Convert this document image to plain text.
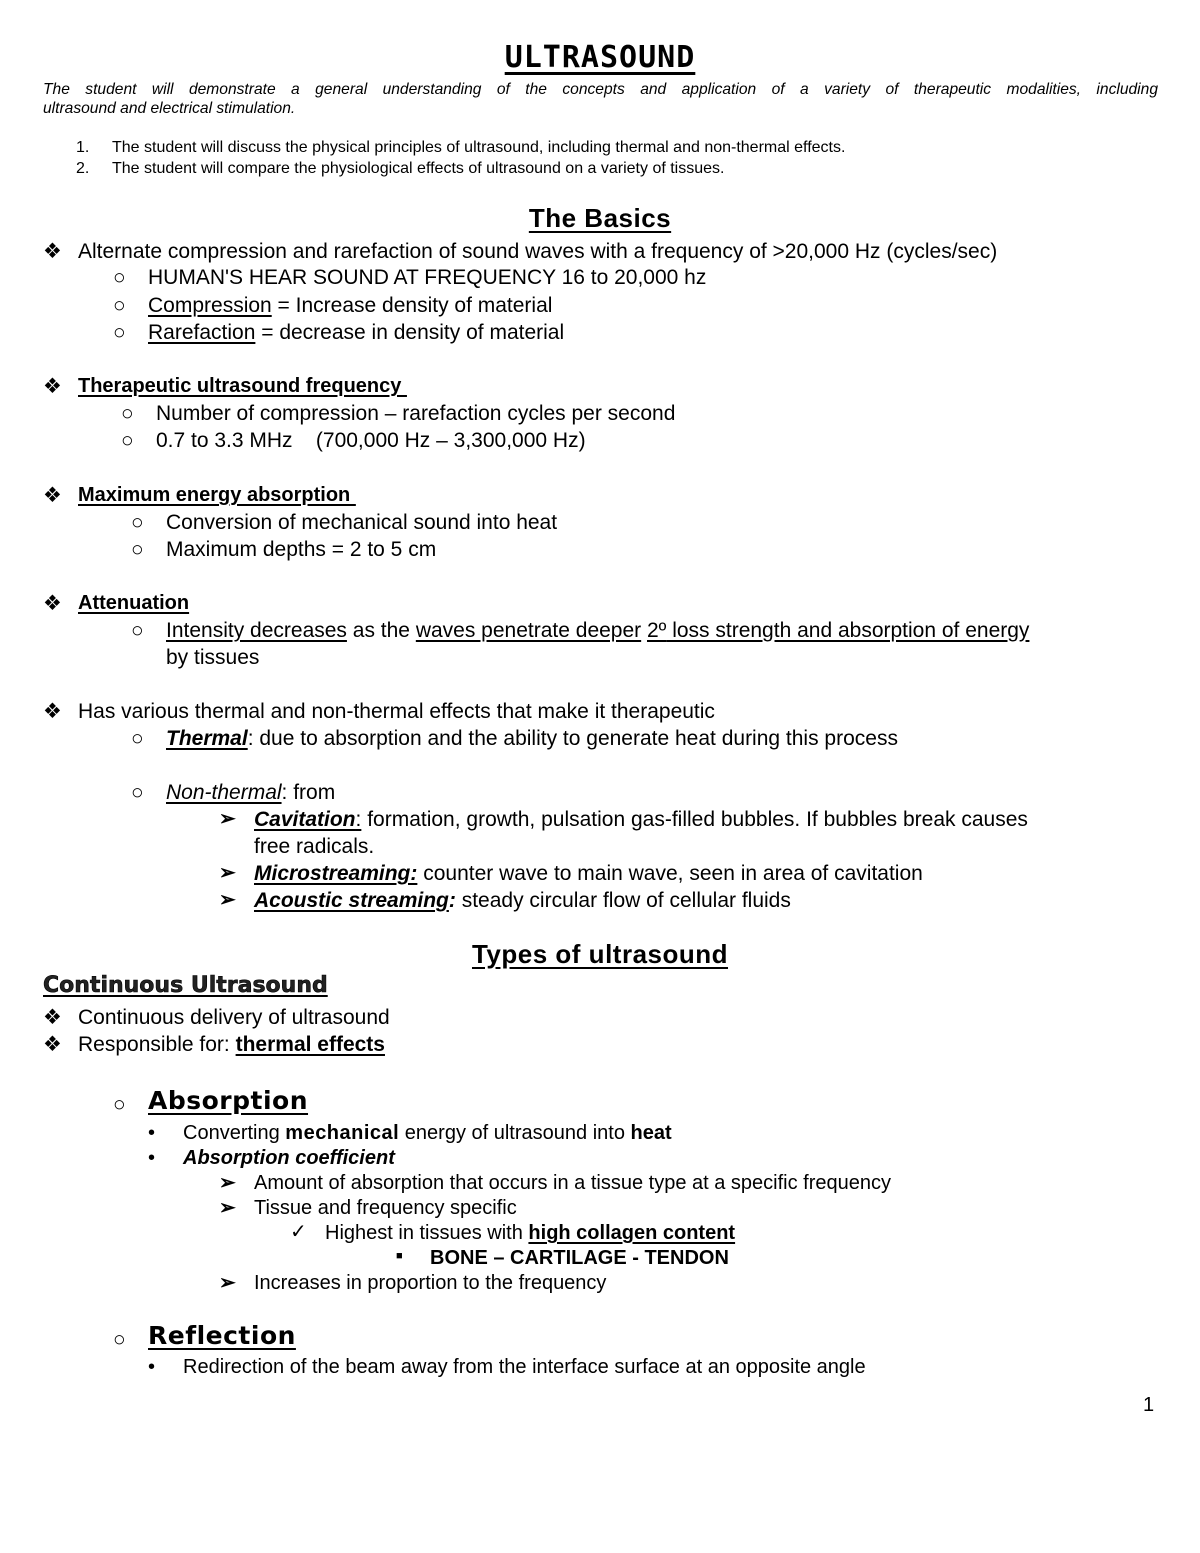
ULTRASOUND
The student will demonstrate a general understanding of the concepts and application of a variety of therapeutic modalities, including
ultrasound and electrical stimulation.
1. The student will discuss the physical principles of ultrasound, including thermal and non-thermal effects.
2. The student will compare the physiological effects of ultrasound on a variety of tissues.
The Basics
❖ Alternate compression and rarefaction of sound waves with a frequency of >20,000 Hz (cycles/sec)
○ HUMAN'S HEAR SOUND AT FREQUENCY 16 to 20,000 hz
○ Compression = Increase density of material
○ Rarefaction = decrease in density of material
❖ Therapeutic ultrasound frequency
○ Number of compression – rarefaction cycles per second
○ 0.7 to 3.3 MHz    (700,000 Hz – 3,300,000 Hz)
❖ Maximum energy absorption
○ Conversion of mechanical sound into heat
○ Maximum depths = 2 to 5 cm
❖ Attenuation
○ Intensity decreases as the waves penetrate deeper 2º loss strength and absorption of energy
by tissues
❖ Has various thermal and non-thermal effects that make it therapeutic
○ Thermal: due to absorption and the ability to generate heat during this process
○ Non-thermal: from
➢ Cavitation: formation, growth, pulsation gas-filled bubbles. If bubbles break causes
free radicals.
➢ Microstreaming: counter wave to main wave, seen in area of cavitation
➢ Acoustic streaming: steady circular flow of cellular fluids
Types of ultrasound
Continuous Ultrasound
❖ Continuous delivery of ultrasound
❖ Responsible for: thermal effects
○ Absorption
• Converting mechanical energy of ultrasound into heat
• Absorption coefficient
➢ Amount of absorption that occurs in a tissue type at a specific frequency
➢ Tissue and frequency specific
✓ Highest in tissues with high collagen content
■ BONE – CARTILAGE - TENDON
➢ Increases in proportion to the frequency
○ Reflection
• Redirection of the beam away from the interface surface at an opposite angle
1
